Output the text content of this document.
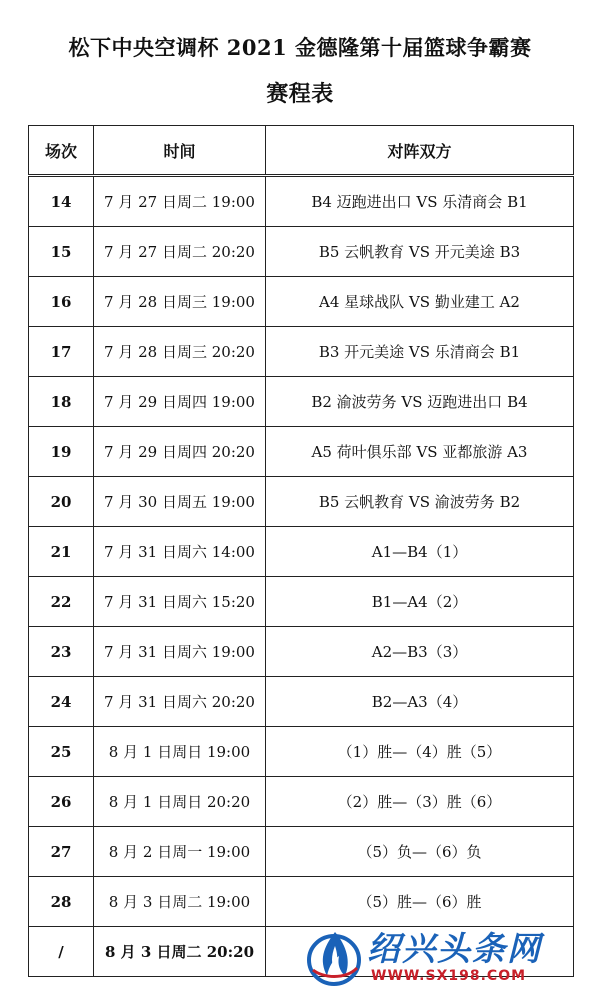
松下中央空调杯 2021 金德隆第十届篮球争霸赛
赛程表
场次	时间	对阵双方
14	7 月 27 日周二 19:00	B4 迈跑进出口 VS 乐清商会 B1
15	7 月 27 日周二 20:20	B5 云帆教育 VS 开元美途 B3
16	7 月 28 日周三 19:00	A4 星球战队 VS 勤业建工 A2
17	7 月 28 日周三 20:20	B3 开元美途 VS 乐清商会 B1
18	7 月 29 日周四 19:00	B2 渝波劳务 VS 迈跑进出口 B4
19	7 月 29 日周四 20:20	A5 荷叶俱乐部 VS 亚都旅游 A3
20	7 月 30 日周五 19:00	B5 云帆教育 VS 渝波劳务 B2
21	7 月 31 日周六 14:00	A1—B4（1）
22	7 月 31 日周六 15:20	B1—A4（2）
23	7 月 31 日周六 19:00	A2—B3（3）
24	7 月 31 日周六 20:20	B2—A3（4）
25	8 月 1 日周日 19:00	（1）胜—（4）胜（5）
26	8 月 1 日周日 20:20	（2）胜—（3）胜（6）
27	8 月 2 日周一 19:00	（5）负—（6）负
28	8 月 3 日周二 19:00	（5）胜—（6）胜
/	8 月 3 日周二 20:20		绍兴头条网
WWW.SX198.COM
